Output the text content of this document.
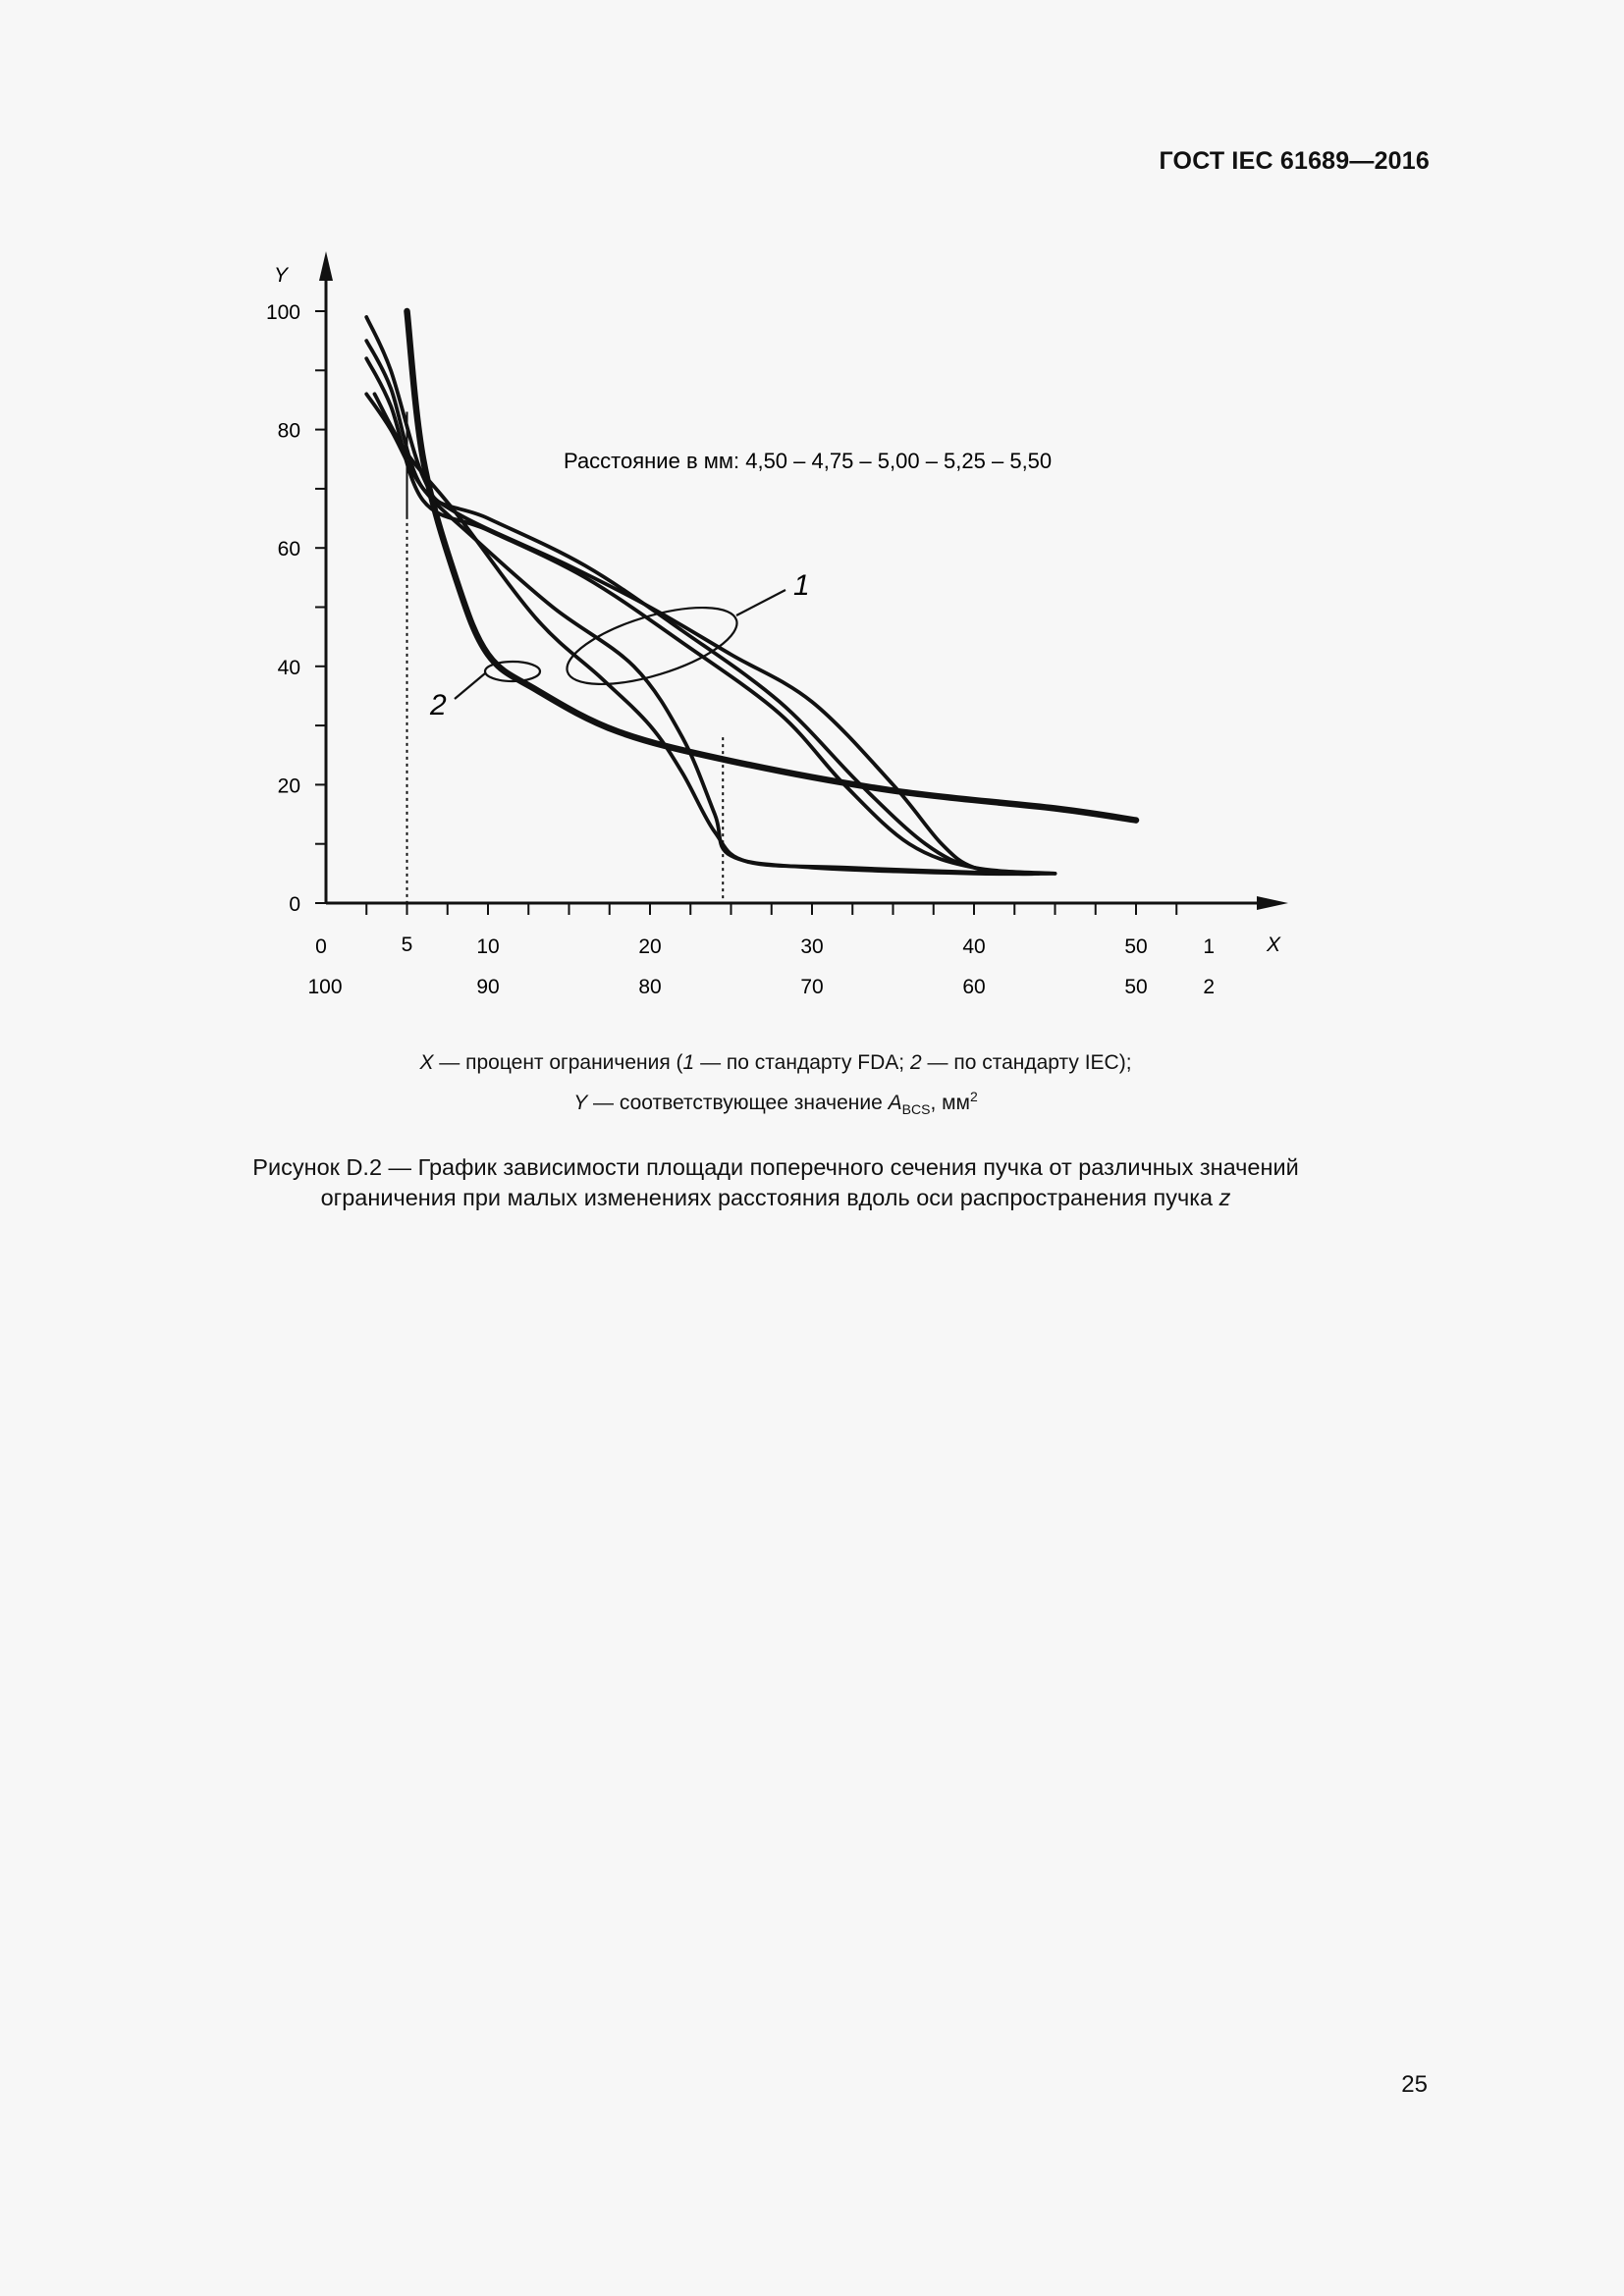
ГОСТ IEC 61689—2016
Y
X
0
20
40
60
80
100
0	5	10	20	30	40	50	1
100	90	80	70	60	50	2
Расстояние в мм: 4,50 – 4,75 – 5,00 – 5,25 – 5,50
1
2
X — процент ограничения (1 — по стандарту FDA; 2 — по стандарту IEC);
Y — соответствующее значение $A_{BCS}$, $мм^2$
Рисунок D.2 — График зависимости площади поперечного сечения пучка от различных значений
ограничения при малых изменениях расстояния вдоль оси распространения пучка z
25
